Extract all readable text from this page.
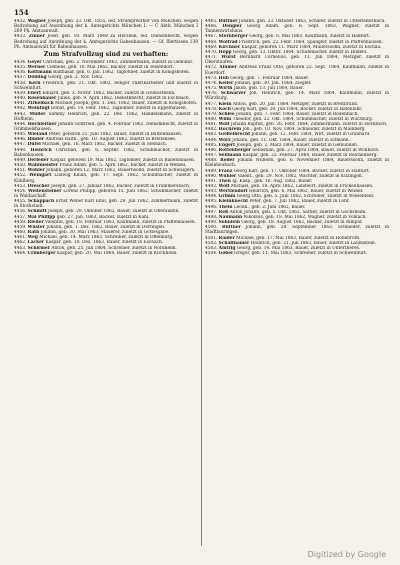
154
4432. Wagner Joseph, geb. 23. Okt. 1855, led. Strumpfwirker von München, wegen Bedrohung auf Anordnung der k. Amtsgerichts München I. — C Abth. München I 269 Ph. Amtsanwalt.
4433. Zinner Josef, geb. 10. März 1849 zu Herzlein, led. Dienstknecht, wegen Bedrohung auf Anordnung der k. Amtsgerichts Gabenhausen. — Gf. Illertissen 139 Ph. Amtsanwalt für Babenhausen.
Zum Strafvollzug sind zu verhaften:
4434. Geyer Christian, geb. 2. November 1862, Zimmermann, zuletzt in Gemünd.
4435. Werner Clemens, geb. 10. Mai 1862, Bäcker, zuletzt in Teisendorf.
4436. Kottmann Balthasar, geb. 6. Jan. 1862, Taglöhner, zuletzt in Königshofen.
4437. Döbling Georg, geb. 2. Nov. 1862.
4438. Kern Friedrich, geb. 21. Okt. 1862, lediger Fabrikarbeiter und zuletzt in Schweinfurt.
4439. Ebert Eduard, geb. 3. Novbr. 1862, Bäcker, zuletzt in Großostheim.
4440. Rosenbauer Julius, geb. 9. April 1862, Dienstknecht, zuletzt in Eschbach.
4441. Zirkelbach Michael Joseph, geb. 1. Dez. 1862, Bauer, zuletzt in Königshofen.
4442. Weinfügt Donat, geb. 14. Febr. 1862, Taglöhner, zuletzt in Eppelhausen.
4443. Müller Sammy Heinrich, geb. 22. Dez. 1862, Handelsmann, zuletzt in Hofheim.
4444. Hochleitner Johann Gottfried, geb. 4. Februar 1862, Dienstknecht, zuletzt in Grimmelshausen.
4445. Wieland Peter, geboren 21. Juni 1862, Bauer, zuletzt in Büttenhausen.
4446. Binder Andreas Balth., geb. 10. August 1862, zuletzt in Breitensee.
4447. Düfel Michael, geb. 16. März 1862, Bäcker, zuletzt in Steinach.
4448. Heinrich Christian, geb. 6. Septbr. 1862, Schuhmacher, zuletzt in Babenhausen.
4449. Derleder Kaspar, geboren 19. Mai 1862, Taglöhner, zuletzt in Babenhausen.
4450. Wahlmeister Franz Adam, geb. 5. April 1862, Bäcker, zuletzt in Wenzel.
4451. Wöhler Johann, geboren 12. März 1862, Bauernsohn, zuletzt in Schwaigern.
4452. Weingart Ludwig Kilian, geb. 17. Sept. 1862, Schuhmacher, zuletzt in Kühlberg.
4453. Drescher Joseph, geb. 27. Januar 1862, Bäcker, zuletzt in Frammersbach.
4454. Weitensteiner Lorenz Philipp, geboren 15. Juni 1862, Schuhmacher, zuletzt in Waldaschaff.
4455. Schappach Ernst Weber Karl Emil, geb. 29. Juli 1862, Zimmermann, zuletzt in Stockstadt.
4456. Schmitt Joseph, geb. 29. Oktober 1862, Bauer, zuletzt in Oberaustin.
4457. Wai Philipp geb. 27. Jan. 1863, Bäcker, zuletzt in Kahl.
4458. Rieder Valentin, geb. 18. Februar 1863, Kaufmann, zuletzt in Pfaffenhausen.
4459. Wüster Johann, geb. 1. Dez. 1862, Bauer, zuletzt in Dertingen.
4460. Rath Johann, geb. 30. Mai 1863, Mauerer, zuletzt in Gottesgabe.
4461. Weg Michael, geb. 14. März 1863, Schreiner, zuletzt in Offenburg.
4462. Lacker Kaspar, geb. 10. Dez. 1863, Bauer, zuletzt in Eschach.
4463. Schirmer Anton, geb. 25. Juli 1864, Schreiner, zuletzt in Nordheim.
4464. Crimberger Kaspar, geb. 20. Mai 1864, Bauer, zuletzt in Kirchheim.
4465. Büttner Johann, geb. 23. Oktober 1863, Schäfer, zuletzt in Unterleiterbach.
4466. Dengler Georg Adam, geb. 6. Sept. 1863, Wagner, zuletzt in Tannenwirtshaus.
4467. Sternberger Georg, geb. 6. Mai 1863, Kaufmann, zuletzt in Haßfurt.
4468. Wolfrad Friedrich, geb. 22. Febr. 1864, Spängler, zuletzt in Pfaffenhausen.
4469. Kirchner Kaspar, geboren 11. März 1864, Müllerssohn, zuletzt in Eschau.
4470. Hepp Georg, geb. 13. Oktbr. 1864, Schuhmacher, zuletzt in Hilders.
4471. Wurst Bernhard Cornelius, geb. 11. Juli 1864, Metzger, zuletzt in Oberstaufen.
4472. Alumer Andreas Franz Otto, geboren 22. Sept. 1864, Kaufmann, zuletzt in Euerdorf.
4473. Hub Georg, geb. 7. Februar 1864, Bauer.
4474. Keller Johann, geb. 30. Jan. 1864, Ziegler.
4475. Wirth Jakob, geb. 13. Juli 1864, Bauer.
4476. Schwarzer Joh. Heinrich, geb. 14. März 1864, Kaufmann, zuletzt in Würzburg.
4477. Klein Anton, geb. 20. Jan. 1864, Metzger, zuletzt in Breitbrunn.
4478. Koch Georg Karl, geb. 20. Juli 1864, Bäcker, zuletzt in Hafenlohr.
4479. Schlee Johann, geb. 7. Febr. 1864, Bauer, zuletzt in Rodenbach.
4480. Wilm Theodor, geb. 22. Okt. 1864, Schuhmacher, zuletzt in Würzburg.
4481. Wolf Johann Baptist, geb. 26. Febr. 1864, Zimmermann, zuletzt in Hörnbach.
4482. Hochrein Joh., geb. 10. Nov. 1864, Schneider, zuletzt in Mainberg.
4483. Geißelbrecht Johann, geb. 12. Febr. 1864, Wirt, zuletzt in Grünhard.
4484. Wörz Johann, geb. 11. Okt. 1864, Bauer, zuletzt in Eltmann.
4485. Engert Joseph, geb. 2. März 1864, Bauer, zuletzt in Gemünden.
4486. Rottenberger Sebastian, geb. 27. April 1864, Bauer, zuletzt in Wollbach.
4487. Sellmann Kaspar, geb. 22. Februar 1864, Bauer, zuletzt in Reichenberg.
4488. Röder Johann Wilhelm, geb. 6. November 1864, Bauerssohn, zuletzt in Kleinheubach.
4489. Franz Georg Karl, geb. 17. Oktober 1864, Bäcker, zuletzt in Haßfurt.
4490. Wühler Valent., geb. 29. Nov. 1862, Wächter, zuletzt in Kitzingen.
4491. Then Ig. Kasp., geb. 16. Aug. 1862, Bauer.
4492. Wolf Michael, geb. 18. April 1862, Landwirt, zuletzt in Frickenhausen.
4493. Wertlendorf Heinrich, geb. 6. Mai 1862, Bauer, zuletzt in Weiher.
4494. Grimm Georg Otto, geb. 5. Juni 1862, Schreiner, zuletzt in Wiesenfeld.
4495. Kleinknecht Peter, geb. 7. Juli 1862, Bauer, zuletzt in Lohr.
4496. Thein Leonh., geb. 2. Juni 1862, Bauer.
4497. Reß Anton Johann, geb. 5. Okt. 1862, Sattler, zuletzt in Gochsheim.
4498. Naumann Nikolaus, geb. 19. Mai 1862, Wagner, zuletzt in Volkach.
4499. Söhnlein Georg, geb. 18. August 1862, Bäcker, zuletzt in Rimpar.
4500. Büttner Johann, geb. 28. September 1863, Schneider, zuletzt in Stadtlauringen.
4501. Raider Michael, geb. 17. Mai 1863, Bauer, zuletzt in Hohenroth.
4502. Schäffhamer Heinrich, geb. 21. Juli 1863, Bauer, zuletzt in Lauenstein.
4503. Amtrig Georg, geb. 14. Mai 1863, Bauer, zuletzt in Untertheres.
4504. Göbel Gregor, geb. 11. Mai 1863, Schreiner, zuletzt in Schweinfurt.
Digitized by Google
